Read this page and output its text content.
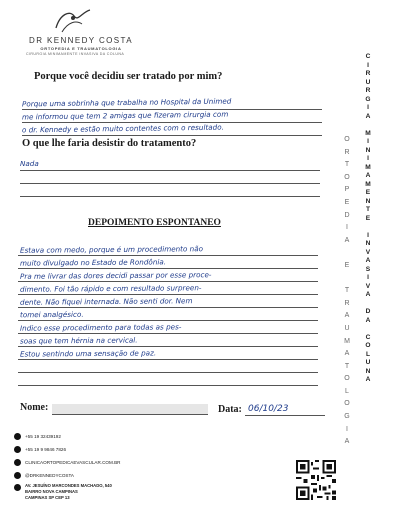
DR KENNEDY COSTA
ORTOPEDIA E TRAUMATOLOGIA
CIRURGIA MINIMAMENTE INVASIVA DA COLUNA
Porque você decidiu ser tratado por mim?
Porque uma sobrinha que trabalha no Hospital da Unimed
me informou que tem 2 amigas que fizeram cirurgia com
o dr. Kennedy e estão muito contentes com o resultado.
O que lhe faria desistir do tratamento?
Nada
DEPOIMENTO ESPONTANEO
Estava com medo, porque é um procedimento não
muito divulgado no Estado de Rondônia.
Pra me livrar das dores decidi passar por esse proce-
dimento. Foi tão rápido e com resultado surpreen-
dente. Não fiquei internada. Não senti dor. Nem
tomei analgésico.
Indico esse procedimento para todas as pes-
soas que tem hérnia na cervical.
Estou sentindo uma sensação de paz.
Nome:	Data: 06/10/23
C
I
R
U
R
G
I
A

M
I
N
I
M
A
M
E
N
T
E

I
N
V
A
S
I
V
A

D
A

C
O
L
U
N
A
O
R
T
O
P
E
D
I
A

E

T
R
A
U
M
A
T
O
L
O
G
I
A
+55 19 32439192
+55 19 9 9846 7826
CLINICAORTOPEDICAEVASCULAR.COM.BR
@DRKENNEDYCOSTA
AV. JESUÍNO MARCONDES MACHADO, 540
BAIRRO NOVA CAMPINAS
CAMPINAS SP CEP 13
